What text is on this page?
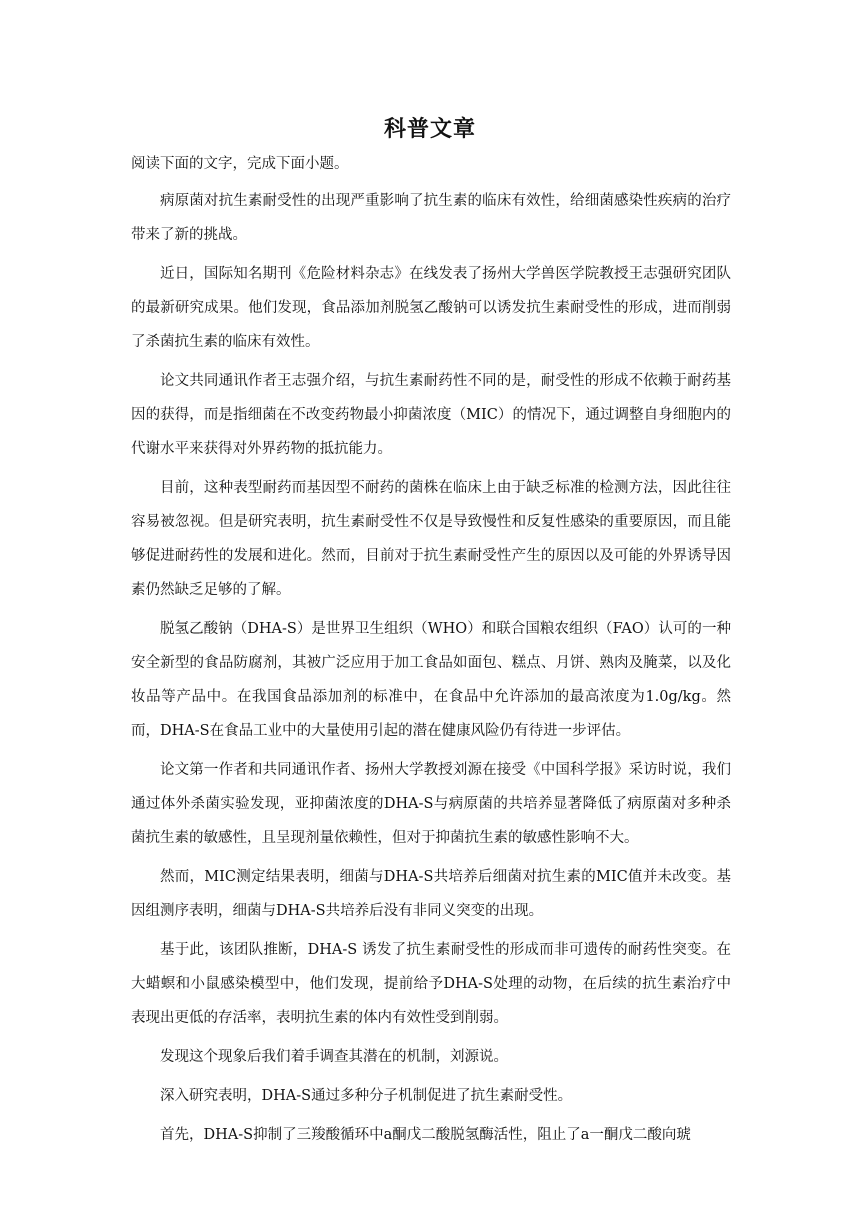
科普文章

阅读下面的文字，完成下面小题。

病原菌对抗生素耐受性的出现严重影响了抗生素的临床有效性，给细菌感染性疾病的治疗带来了新的挑战。

近日，国际知名期刊《危险材料杂志》在线发表了扬州大学兽医学院教授王志强研究团队的最新研究成果。他们发现，食品添加剂脱氢乙酸钠可以诱发抗生素耐受性的形成，进而削弱了杀菌抗生素的临床有效性。

论文共同通讯作者王志强介绍，与抗生素耐药性不同的是，耐受性的形成不依赖于耐药基因的获得，而是指细菌在不改变药物最小抑菌浓度（MIC）的情况下，通过调整自身细胞内的代谢水平来获得对外界药物的抵抗能力。

目前，这种表型耐药而基因型不耐药的菌株在临床上由于缺乏标准的检测方法，因此往往容易被忽视。但是研究表明，抗生素耐受性不仅是导致慢性和反复性感染的重要原因，而且能够促进耐药性的发展和进化。然而，目前对于抗生素耐受性产生的原因以及可能的外界诱导因素仍然缺乏足够的了解。

脱氢乙酸钠（DHA-S）是世界卫生组织（WHO）和联合国粮农组织（FAO）认可的一种安全新型的食品防腐剂，其被广泛应用于加工食品如面包、糕点、月饼、熟肉及腌菜，以及化妆品等产品中。在我国食品添加剂的标准中，在食品中允许添加的最高浓度为1.0g/kg。然而，DHA-S在食品工业中的大量使用引起的潜在健康风险仍有待进一步评估。

论文第一作者和共同通讯作者、扬州大学教授刘源在接受《中国科学报》采访时说，我们通过体外杀菌实验发现，亚抑菌浓度的DHA-S与病原菌的共培养显著降低了病原菌对多种杀菌抗生素的敏感性，且呈现剂量依赖性，但对于抑菌抗生素的敏感性影响不大。

然而，MIC测定结果表明，细菌与DHA-S共培养后细菌对抗生素的MIC值并未改变。基因组测序表明，细菌与DHA-S共培养后没有非同义突变的出现。

基于此，该团队推断，DHA-S 诱发了抗生素耐受性的形成而非可遗传的耐药性突变。在大蜡螟和小鼠感染模型中，他们发现，提前给予DHA-S处理的动物，在后续的抗生素治疗中表现出更低的存活率，表明抗生素的体内有效性受到削弱。

发现这个现象后我们着手调查其潜在的机制，刘源说。

深入研究表明，DHA-S通过多种分子机制促进了抗生素耐受性。

首先，DHA-S抑制了三羧酸循环中a酮戊二酸脱氢酶活性，阻止了a一酮戊二酸向琥
